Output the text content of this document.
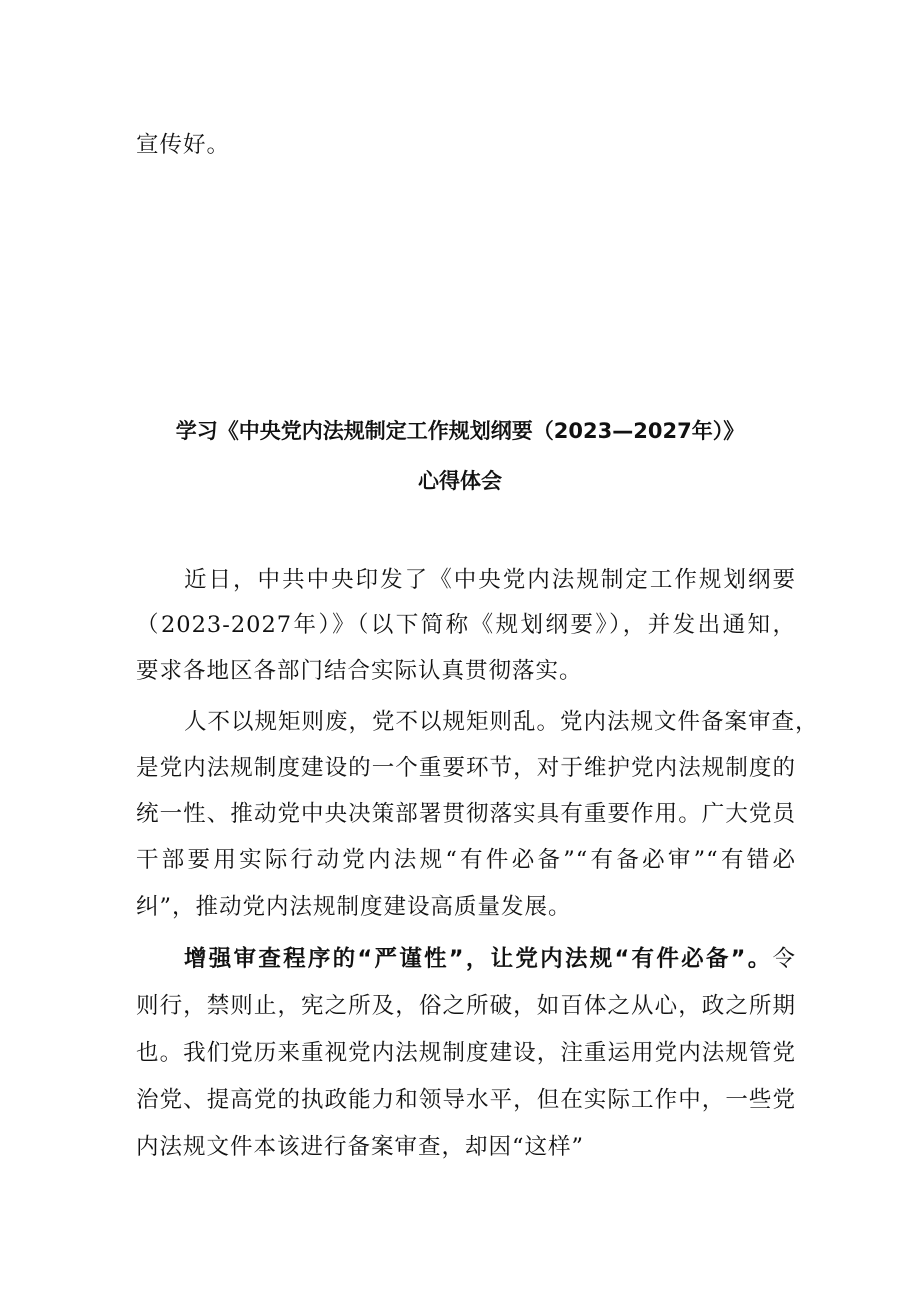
宣传好。
学习《中央党内法规制定工作规划纲要（2023—2027年）》
心得体会
近日，中共中央印发了《中央党内法规制定工作规划纲要
（2023-2027年）》（以下简称《规划纲要》），并发出通知，
要求各地区各部门结合实际认真贯彻落实。
人不以规矩则废，党不以规矩则乱。党内法规文件备案审查，
是党内法规制度建设的一个重要环节，对于维护党内法规制度的
统一性、推动党中央决策部署贯彻落实具有重要作用。广大党员
干部要用实际行动党内法规“有件必备”“有备必审”“有错必
纠”，推动党内法规制度建设高质量发展。
增强审查程序的“严谨性”，让党内法规“有件必备”。令
则行，禁则止，宪之所及，俗之所破，如百体之从心，政之所期
也。我们党历来重视党内法规制度建设，注重运用党内法规管党
治党、提高党的执政能力和领导水平，但在实际工作中，一些党
内法规文件本该进行备案审查，却因“这样”
